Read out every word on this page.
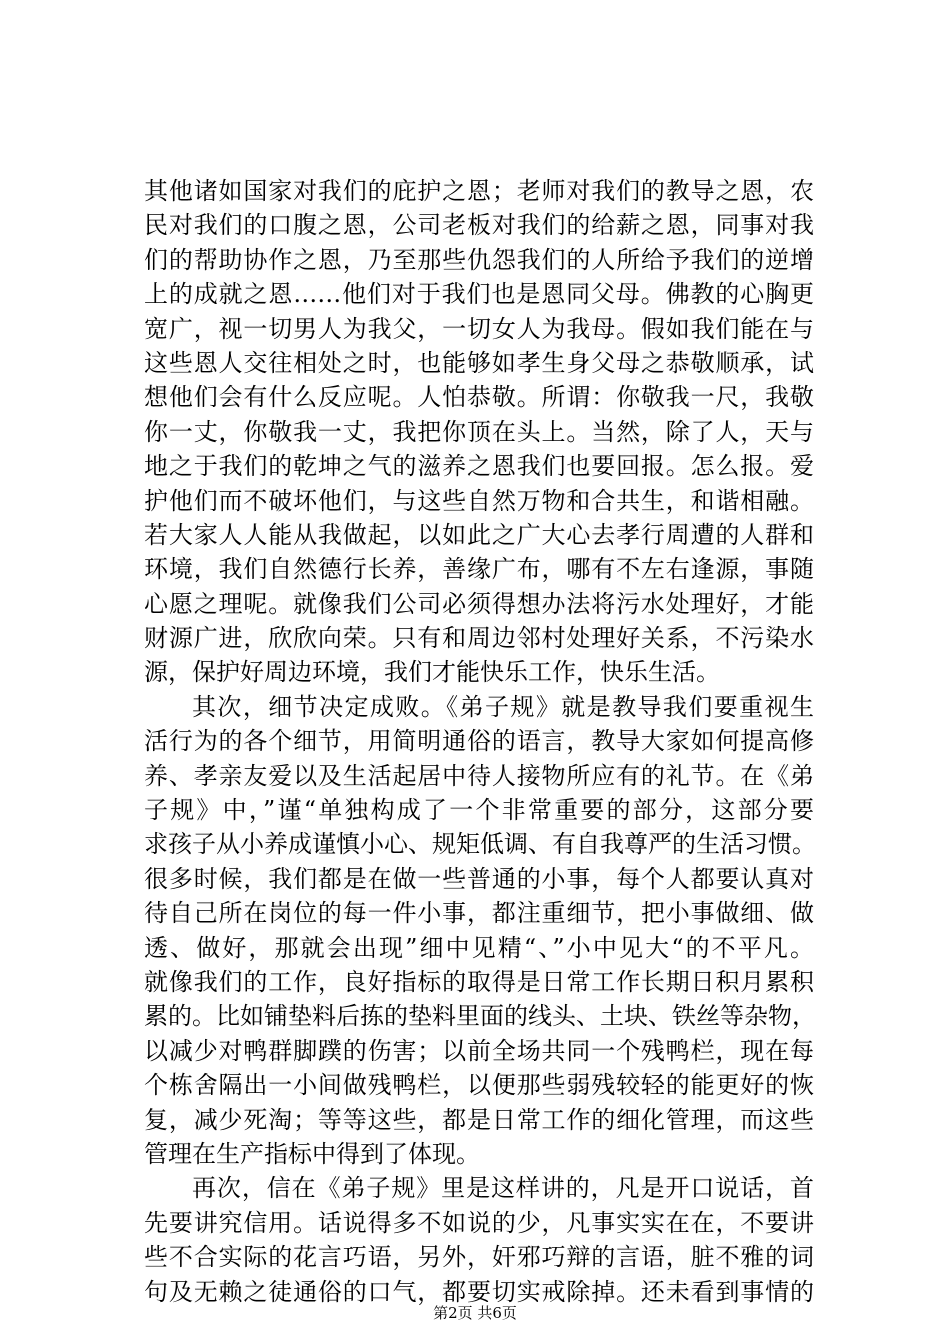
其他诸如国家对我们的庇护之恩；老师对我们的教导之恩，农
民对我们的口腹之恩，公司老板对我们的给薪之恩，同事对我
们的帮助协作之恩，乃至那些仇怨我们的人所给予我们的逆增
上的成就之恩……他们对于我们也是恩同父母。佛教的心胸更
宽广，视一切男人为我父，一切女人为我母。假如我们能在与
这些恩人交往相处之时，也能够如孝生身父母之恭敬顺承，试
想他们会有什么反应呢。人怕恭敬。所谓：你敬我一尺，我敬
你一丈，你敬我一丈，我把你顶在头上。当然，除了人，天与
地之于我们的乾坤之气的滋养之恩我们也要回报。怎么报。爱
护他们而不破坏他们，与这些自然万物和合共生，和谐相融。
若大家人人能从我做起，以如此之广大心去孝行周遭的人群和
环境，我们自然德行长养，善缘广布，哪有不左右逢源，事随
心愿之理呢。就像我们公司必须得想办法将污水处理好，才能
财源广进，欣欣向荣。只有和周边邻村处理好关系，不污染水
源，保护好周边环境，我们才能快乐工作，快乐生活。
其次，细节决定成败。《弟子规》就是教导我们要重视生
活行为的各个细节，用简明通俗的语言，教导大家如何提高修
养、孝亲友爱以及生活起居中待人接物所应有的礼节。在《弟
子规》中，”谨“单独构成了一个非常重要的部分，这部分要
求孩子从小养成谨慎小心、规矩低调、有自我尊严的生活习惯。
很多时候，我们都是在做一些普通的小事，每个人都要认真对
待自己所在岗位的每一件小事，都注重细节，把小事做细、做
透、做好，那就会出现”细中见精“、”小中见大“的不平凡。
就像我们的工作，良好指标的取得是日常工作长期日积月累积
累的。比如铺垫料后拣的垫料里面的线头、土块、铁丝等杂物，
以减少对鸭群脚蹼的伤害；以前全场共同一个残鸭栏，现在每
个栋舍隔出一小间做残鸭栏，以便那些弱残较轻的能更好的恢
复，减少死淘；等等这些，都是日常工作的细化管理，而这些
管理在生产指标中得到了体现。
再次，信在《弟子规》里是这样讲的，凡是开口说话，首
先要讲究信用。话说得多不如说的少，凡事实实在在，不要讲
些不合实际的花言巧语，另外，奸邪巧辩的言语，脏不雅的词
句及无赖之徒通俗的口气，都要切实戒除掉。还未看到事情的
第2页 共6页
